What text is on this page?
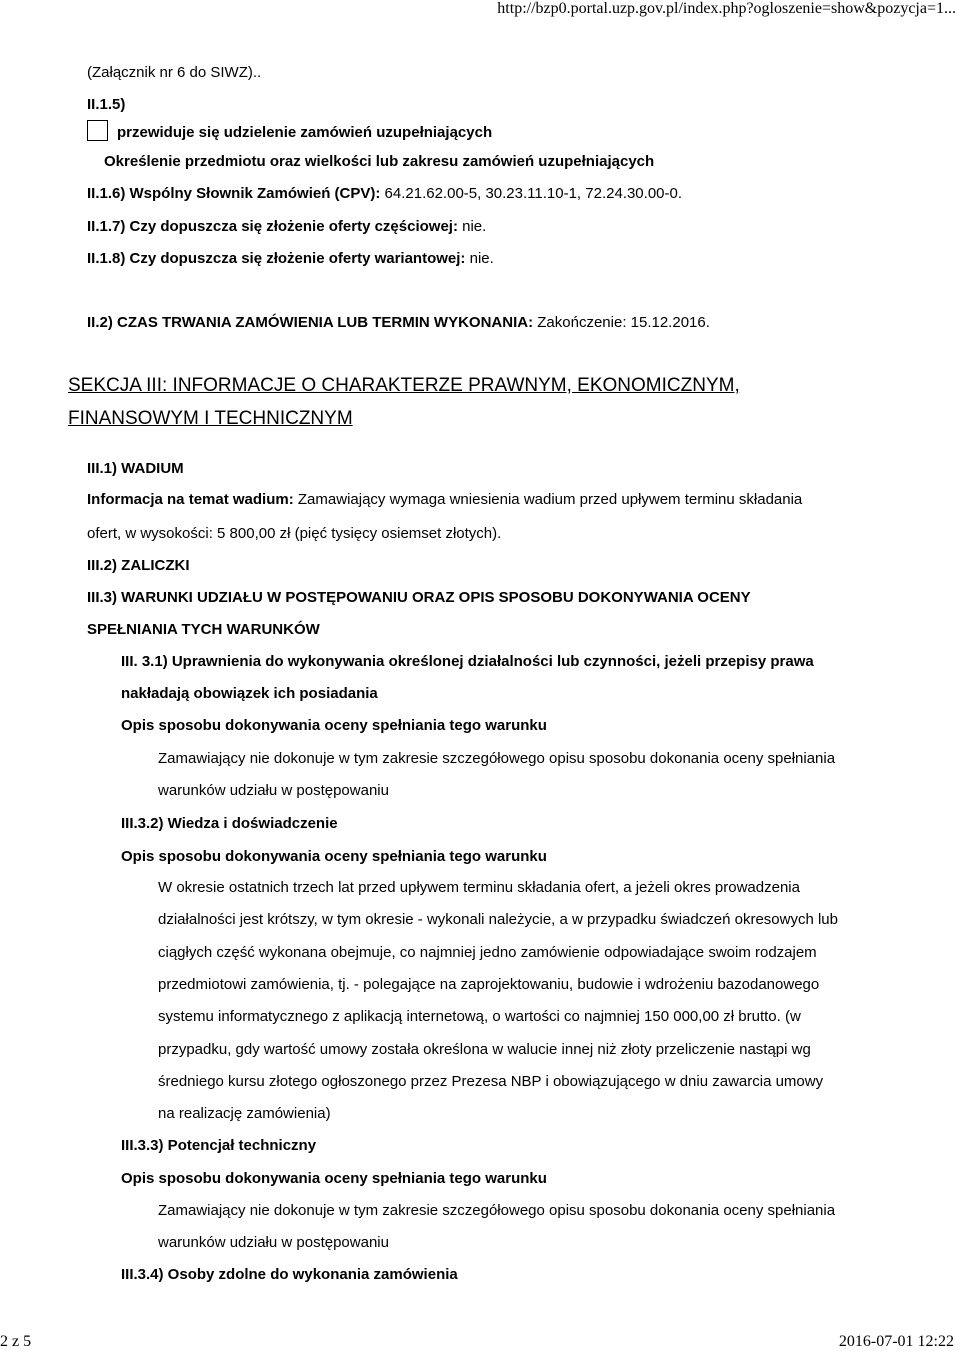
http://bzp0.portal.uzp.gov.pl/index.php?ogloszenie=show&pozycja=1...
(Załącznik nr 6 do SIWZ)..
II.1.5)
przewiduje się udzielenie zamówień uzupełniających
Określenie przedmiotu oraz wielkości lub zakresu zamówień uzupełniających
II.1.6) Wspólny Słownik Zamówień (CPV): 64.21.62.00-5, 30.23.11.10-1, 72.24.30.00-0.
II.1.7) Czy dopuszcza się złożenie oferty częściowej: nie.
II.1.8) Czy dopuszcza się złożenie oferty wariantowej: nie.
II.2) CZAS TRWANIA ZAMÓWIENIA LUB TERMIN WYKONANIA: Zakończenie: 15.12.2016.
SEKCJA III: INFORMACJE O CHARAKTERZE PRAWNYM, EKONOMICZNYM,
FINANSOWYM I TECHNICZNYM
III.1) WADIUM
Informacja na temat wadium: Zamawiający wymaga wniesienia wadium przed upływem terminu składania
ofert, w wysokości: 5 800,00 zł (pięć tysięcy osiemset złotych).
III.2) ZALICZKI
III.3) WARUNKI UDZIAŁU W POSTĘPOWANIU ORAZ OPIS SPOSOBU DOKONYWANIA OCENY
SPEŁNIANIA TYCH WARUNKÓW
III. 3.1) Uprawnienia do wykonywania określonej działalności lub czynności, jeżeli przepisy prawa
nakładają obowiązek ich posiadania
Opis sposobu dokonywania oceny spełniania tego warunku
Zamawiający nie dokonuje w tym zakresie szczegółowego opisu sposobu dokonania oceny spełniania
warunków udziału w postępowaniu
III.3.2) Wiedza i doświadczenie
Opis sposobu dokonywania oceny spełniania tego warunku
W okresie ostatnich trzech lat przed upływem terminu składania ofert, a jeżeli okres prowadzenia
działalności jest krótszy, w tym okresie - wykonali należycie, a w przypadku świadczeń okresowych lub
ciągłych część wykonana obejmuje, co najmniej jedno zamówienie odpowiadające swoim rodzajem
przedmiotowi zamówienia, tj. - polegające na zaprojektowaniu, budowie i wdrożeniu bazodanowego
systemu informatycznego z aplikacją internetową, o wartości co najmniej 150 000,00 zł brutto. (w
przypadku, gdy wartość umowy została określona w walucie innej niż złoty przeliczenie nastąpi wg
średniego kursu złotego ogłoszonego przez Prezesa NBP i obowiązującego w dniu zawarcia umowy
na realizację zamówienia)
III.3.3) Potencjał techniczny
Opis sposobu dokonywania oceny spełniania tego warunku
Zamawiający nie dokonuje w tym zakresie szczegółowego opisu sposobu dokonania oceny spełniania
warunków udziału w postępowaniu
III.3.4) Osoby zdolne do wykonania zamówienia
2 z 5	2016-07-01 12:22
